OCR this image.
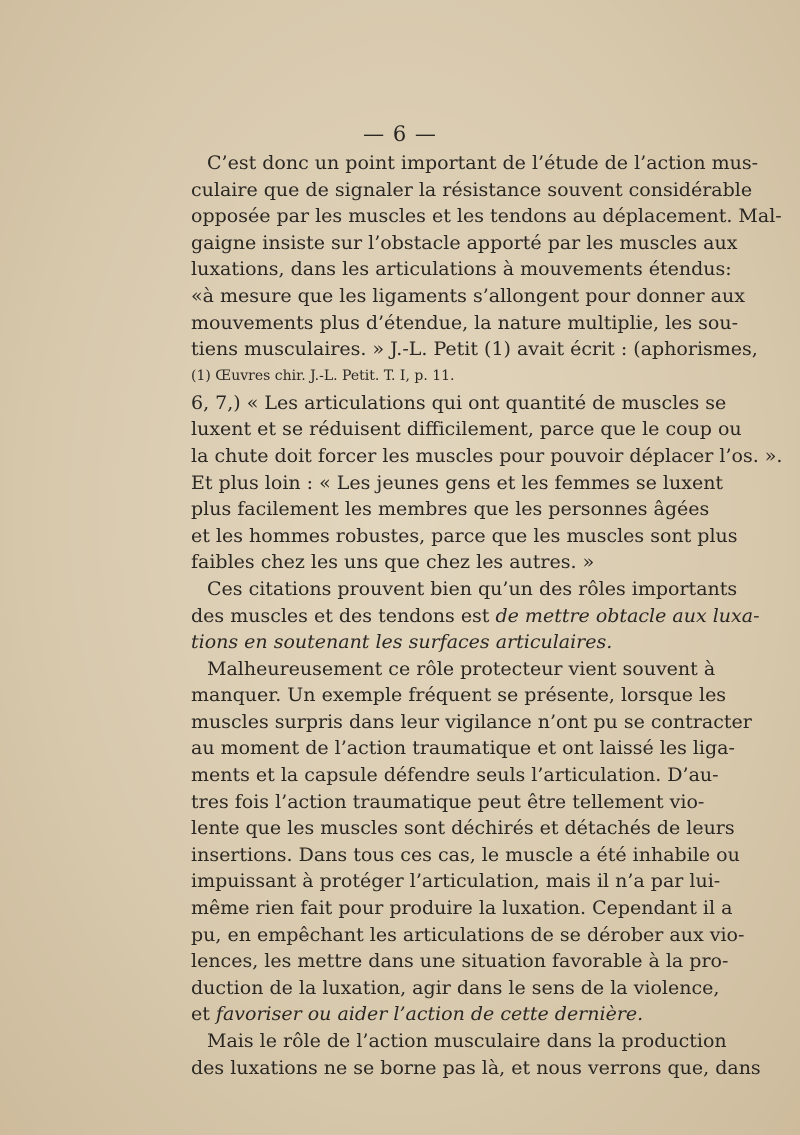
— 6 —
C’est donc un point important de l’étude de l’action mus-
culaire que de signaler la résistance souvent considérable
opposée par les muscles et les tendons au déplacement. Mal-
gaigne insiste sur l’obstacle apporté par les muscles aux
luxations, dans les articulations à mouvements étendus:
«à mesure que les ligaments s’allongent pour donner aux
mouvements plus d’étendue, la nature multiplie, les sou-
tiens musculaires. » J.-L. Petit (1) avait écrit : (aphorismes,
(1) Œuvres chir. J.-L. Petit. T. I, p. 11.
6, 7,) « Les articulations qui ont quantité de muscles se
luxent et se réduisent difficilement, parce que le coup ou
la chute doit forcer les muscles pour pouvoir déplacer l’os. ».
Et plus loin : « Les jeunes gens et les femmes se luxent
plus facilement les membres que les personnes âgées
et les hommes robustes, parce que les muscles sont plus
faibles chez les uns que chez les autres. »
Ces citations prouvent bien qu’un des rôles importants
des muscles et des tendons est de mettre obtacle aux luxa-
tions en soutenant les surfaces articulaires.
Malheureusement ce rôle protecteur vient souvent à
manquer. Un exemple fréquent se présente, lorsque les
muscles surpris dans leur vigilance n’ont pu se contracter
au moment de l’action traumatique et ont laissé les liga-
ments et la capsule défendre seuls l’articulation. D’au-
tres fois l’action traumatique peut être tellement vio-
lente que les muscles sont déchirés et détachés de leurs
insertions. Dans tous ces cas, le muscle a été inhabile ou
impuissant à protéger l’articulation, mais il n’a par lui-
même rien fait pour produire la luxation. Cependant il a
pu, en empêchant les articulations de se dérober aux vio-
lences, les mettre dans une situation favorable à la pro-
duction de la luxation, agir dans le sens de la violence,
et favoriser ou aider l’action de cette dernière.
Mais le rôle de l’action musculaire dans la production
des luxations ne se borne pas là, et nous verrons que, dans
